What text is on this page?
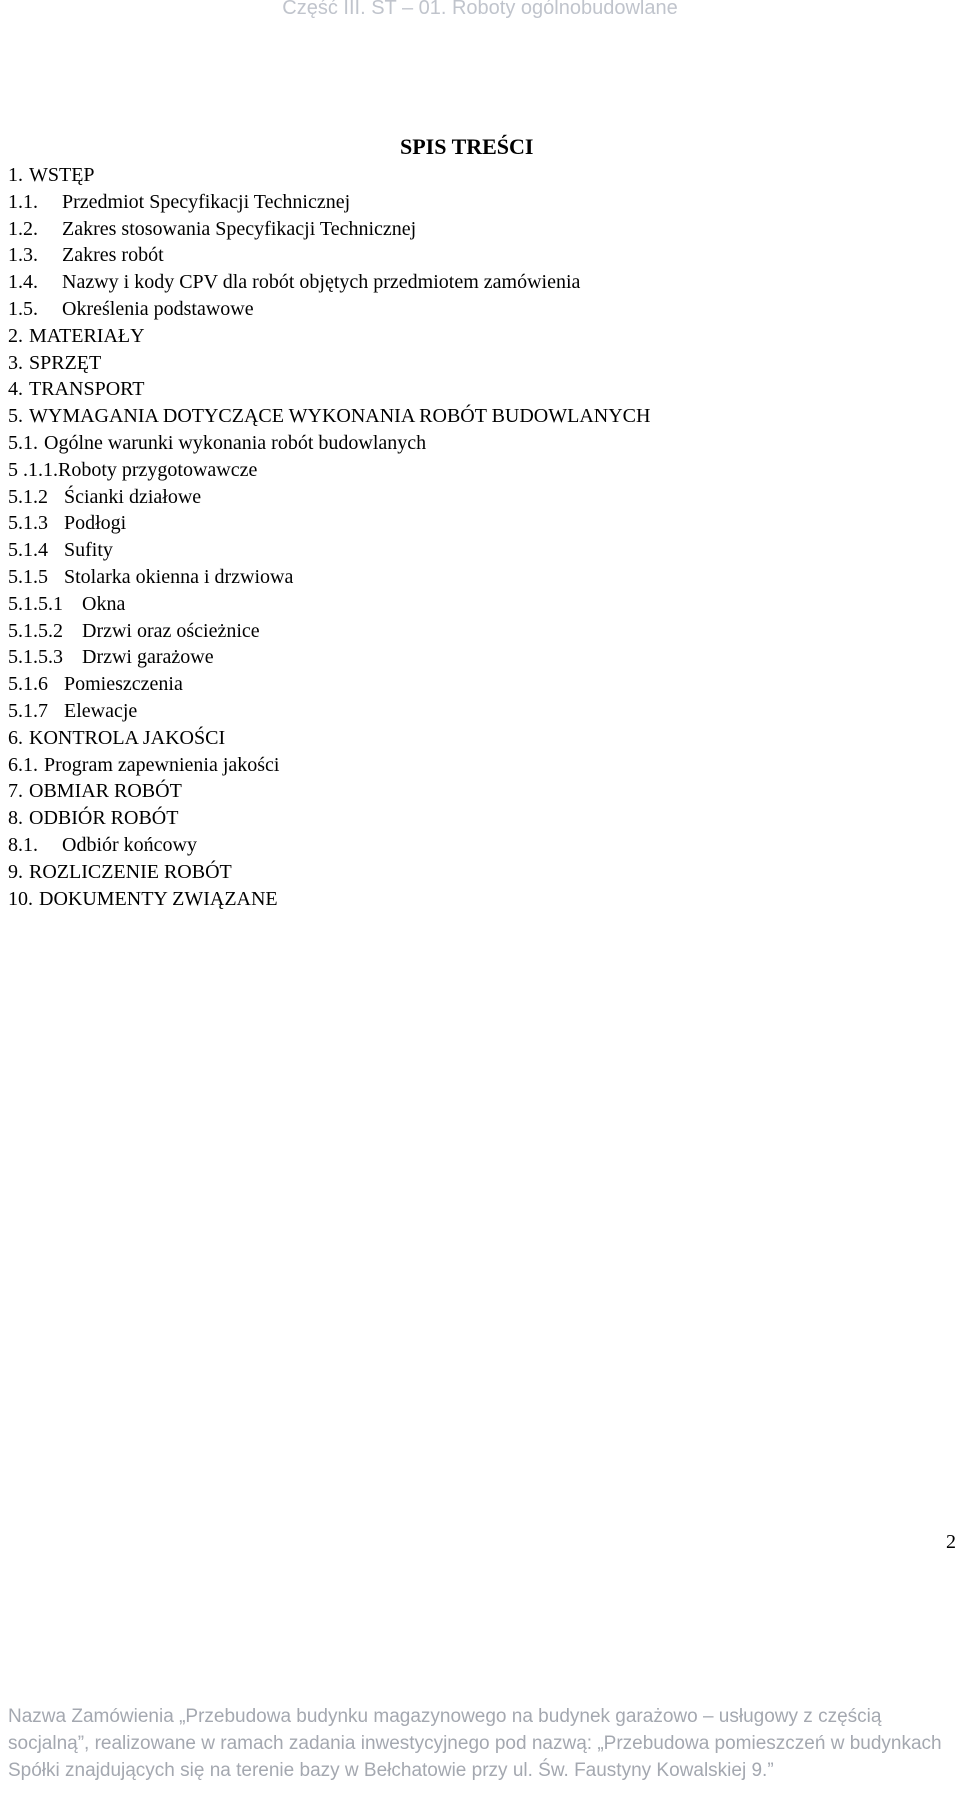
Część III. ST – 01. Roboty ogólnobudowlane
SPIS TREŚCI
1. WSTĘP
1.1. Przedmiot Specyfikacji Technicznej
1.2. Zakres stosowania Specyfikacji Technicznej
1.3. Zakres robót
1.4. Nazwy i kody CPV dla robót objętych przedmiotem zamówienia
1.5. Określenia podstawowe
2. MATERIAŁY
3. SPRZĘT
4. TRANSPORT
5. WYMAGANIA DOTYCZĄCE WYKONANIA ROBÓT BUDOWLANYCH
5.1. Ogólne warunki wykonania robót budowlanych
5 .1.1.Roboty przygotowawcze
5.1.2 Ścianki działowe
5.1.3 Podłogi
5.1.4 Sufity
5.1.5 Stolarka okienna i drzwiowa
5.1.5.1 Okna
5.1.5.2 Drzwi oraz ościeżnice
5.1.5.3 Drzwi garażowe
5.1.6 Pomieszczenia
5.1.7 Elewacje
6. KONTROLA JAKOŚCI
6.1. Program zapewnienia jakości
7. OBMIAR ROBÓT
8. ODBIÓR ROBÓT
8.1. Odbiór końcowy
9. ROZLICZENIE ROBÓT
10. DOKUMENTY ZWIĄZANE
2
Nazwa Zamówienia „Przebudowa budynku magazynowego na budynek garażowo – usługowy z częścią socjalną”, realizowane w ramach zadania inwestycyjnego pod nazwą: „Przebudowa pomieszczeń w budynkach Spółki znajdujących się na terenie bazy w Bełchatowie przy ul. Św. Faustyny Kowalskiej 9.”
